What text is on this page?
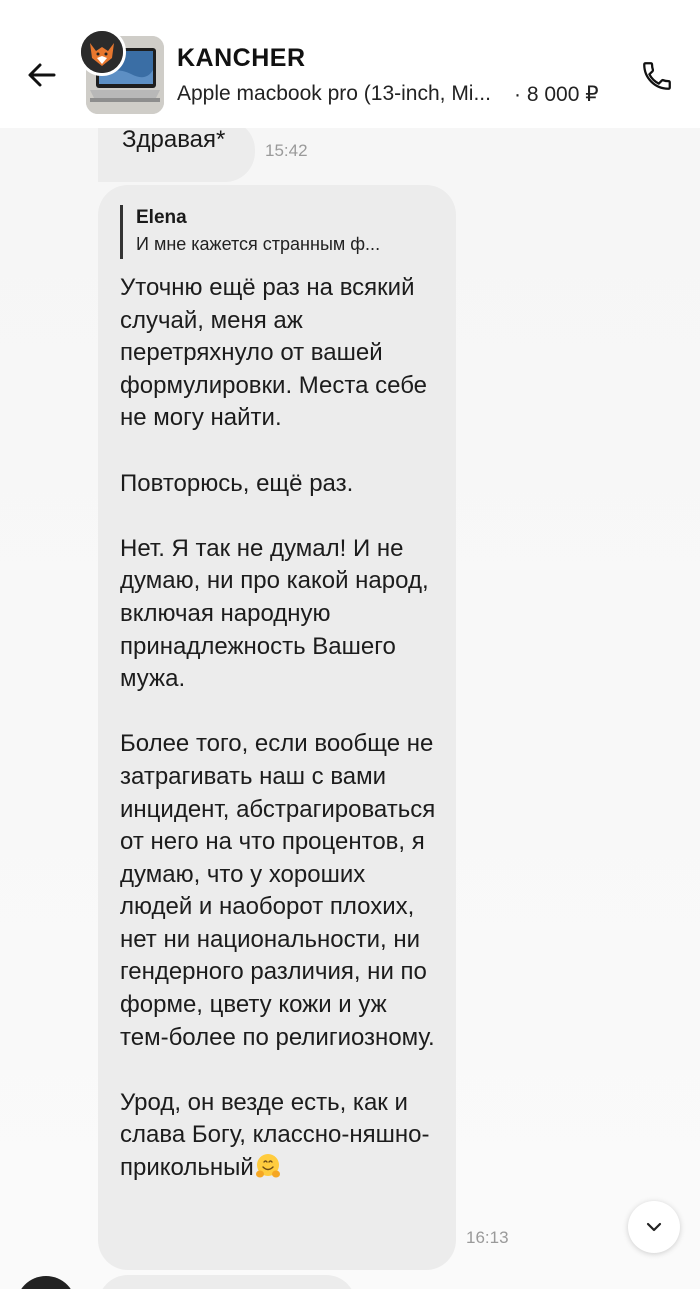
KANCHER
Apple macbook pro (13-inch, Mi...	· 8 000 ₽
Здравая* 15:42
Elena
И мне кажется странным ф...

Уточню ещё раз на всякий случай, меня аж перетряхнуло от вашей формулировки. Места себе не могу найти.

Повторюсь, ещё раз.

Нет. Я так не думал! И не думаю, ни про какой народ, включая народную принадлежность Вашего мужа.

Более того, если вообще не затрагивать наш с вами инцидент, абстрагироваться от него на что процентов, я думаю, что у хороших людей и наоборот плохих, нет ни национальности, ни гендерного различия, ни по форме, цвету кожи и уж тем-более по религиозному.

Урод, он везде есть, как и слава Богу, классно-няшно-прикольный

16:13
